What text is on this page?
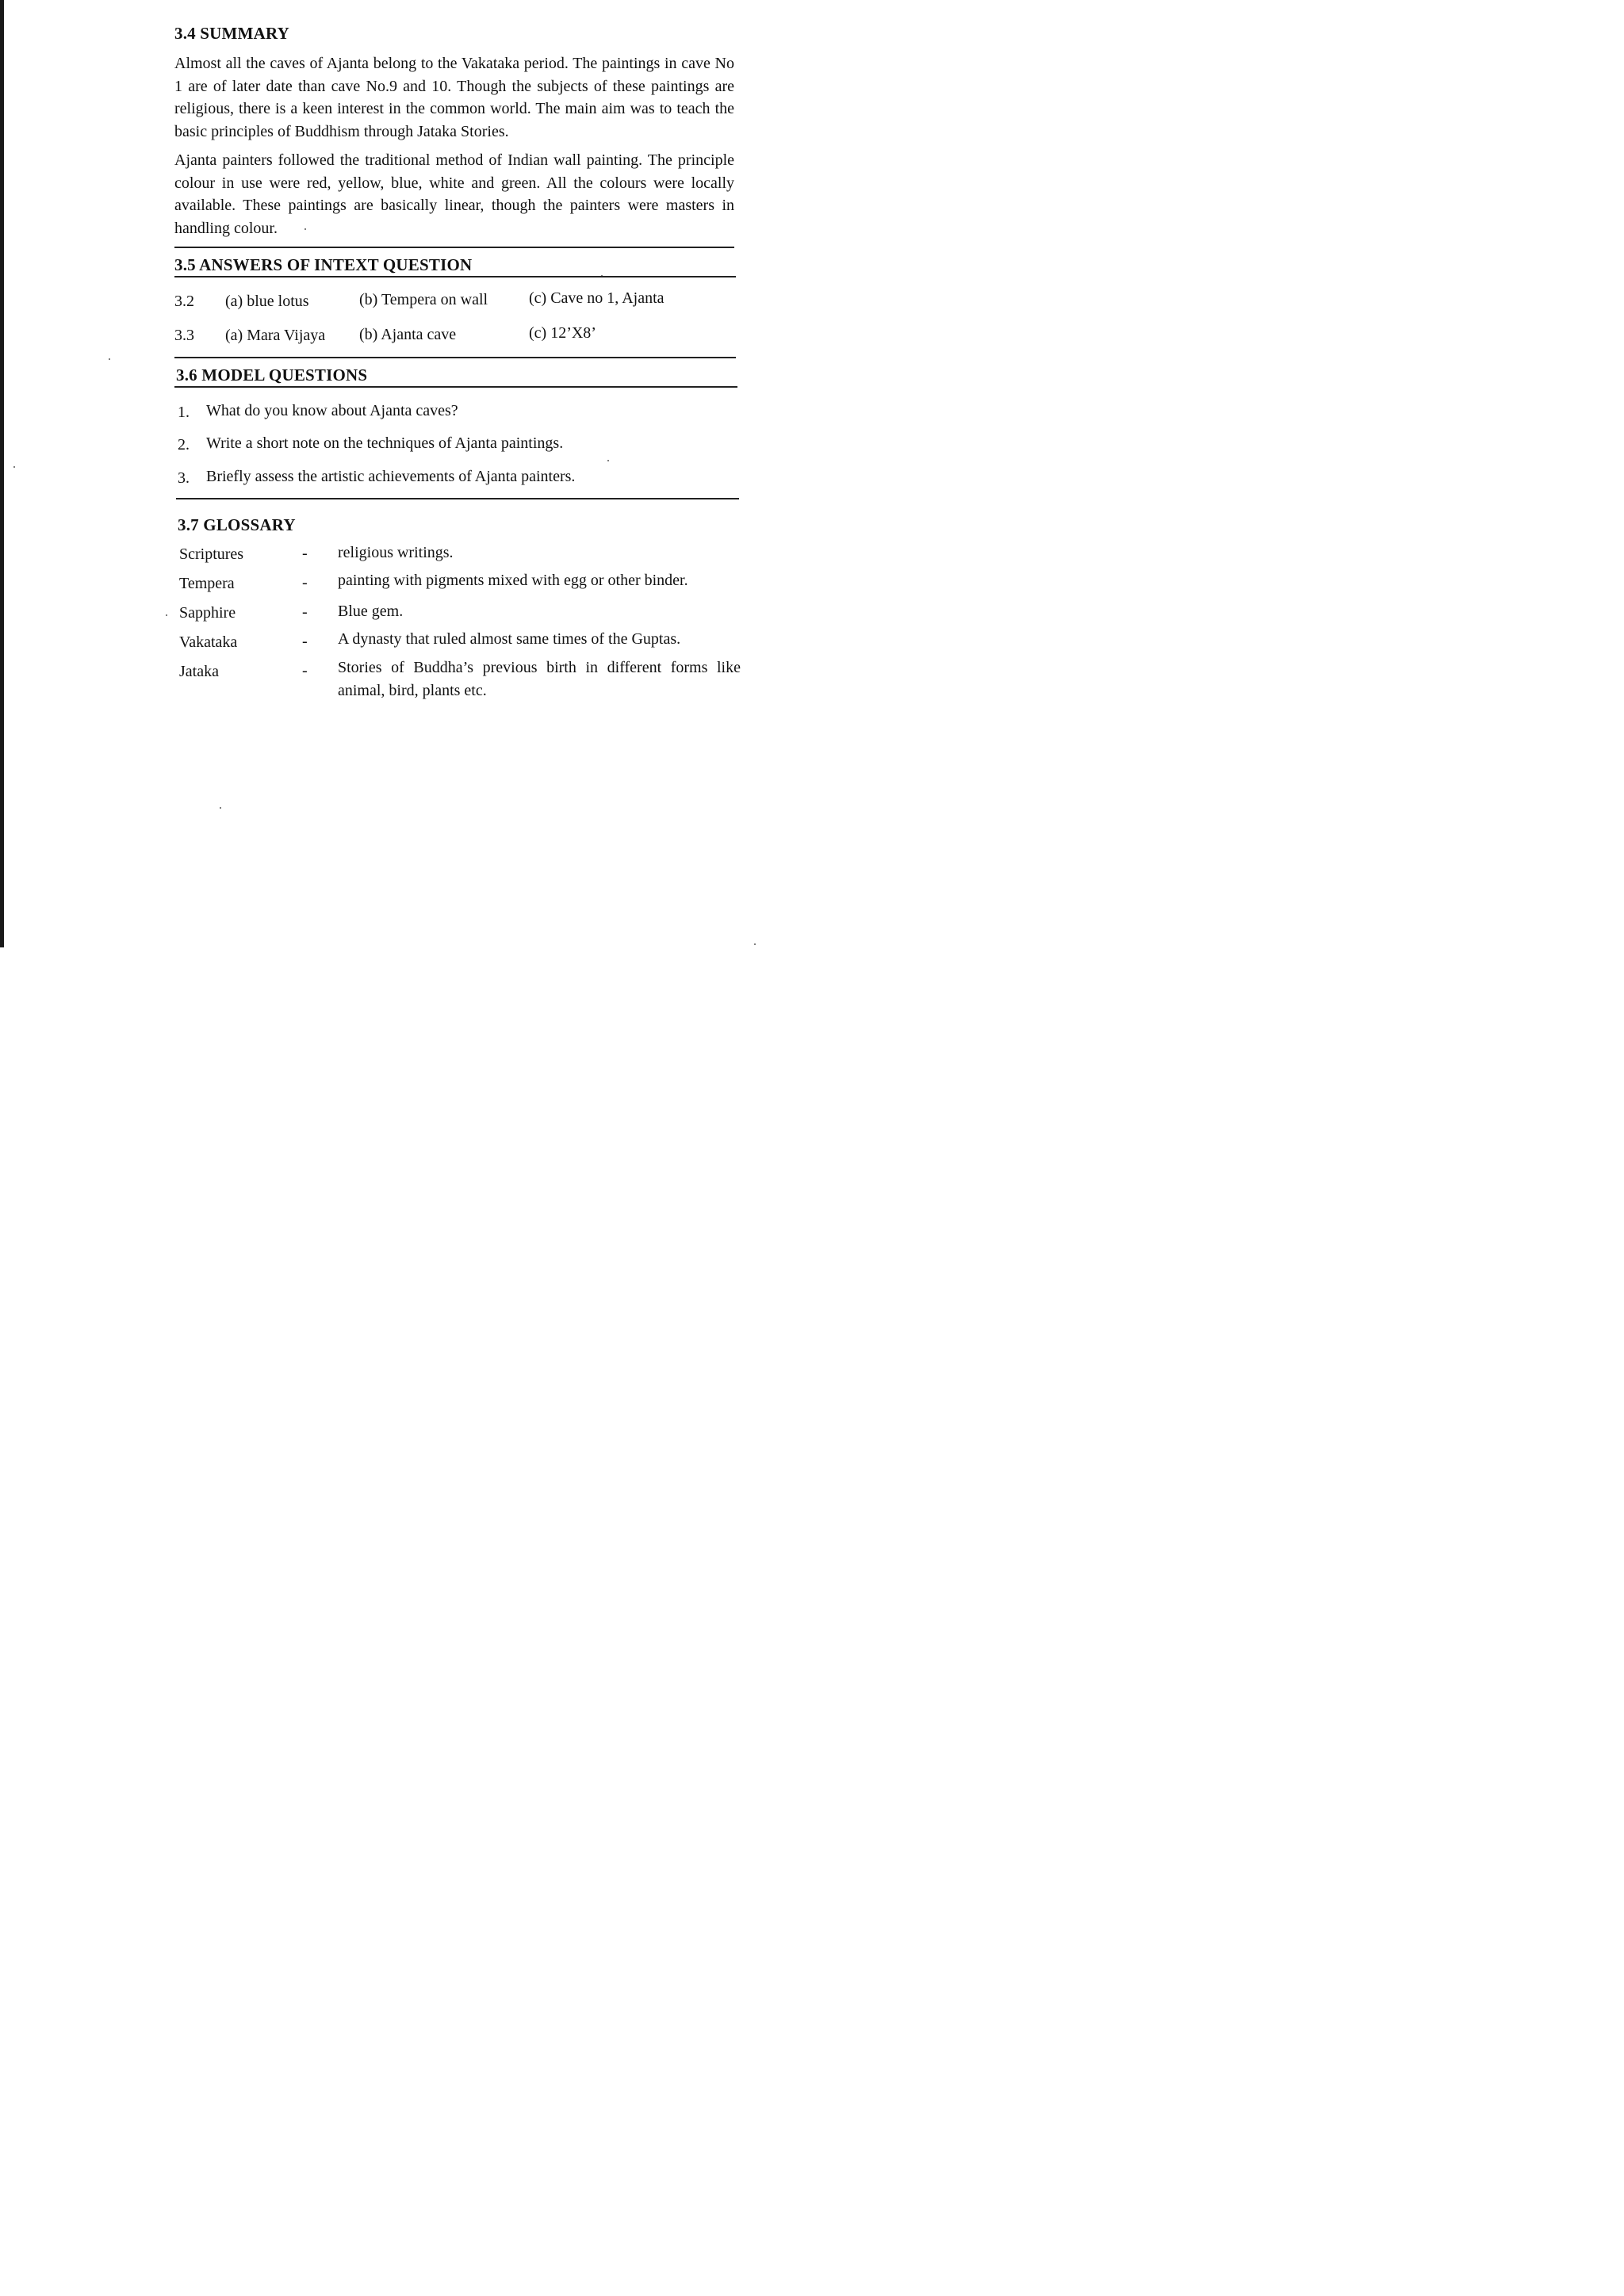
3.4 SUMMARY
Almost all the caves of Ajanta belong to the Vakataka period. The paintings in cave No 1 are of later date than cave No.9 and 10. Though the subjects of these paintings are religious, there is a keen interest in the common world. The main aim was to teach the basic principles of Buddhism through Jataka Stories.
Ajanta painters followed the traditional method of Indian wall painting. The principle colour in use were red, yellow, blue, white and green. All the colours were locally available. These paintings are basically linear, though the painters were masters in handling colour.
3.5 ANSWERS OF INTEXT QUESTION
3.2 (a) blue lotus	(b) Tempera on wall	(c) Cave no 1, Ajanta
3.3 (a) Mara Vijaya (b) Ajanta cave	(c) 12’X8’
3.6 MODEL QUESTIONS
1. What do you know about Ajanta caves?
2. Write a short note on the techniques of Ajanta paintings.
3. Briefly assess the artistic achievements of Ajanta painters.
3.7 GLOSSARY
Scriptures	- religious writings.
Tempera	- painting with pigments mixed with egg or other binder.
Sapphire	- Blue gem.
Vakataka	- A dynasty that ruled almost same times of the Guptas.
Jataka	- Stories of Buddha’s previous birth in different forms like animal, bird, plants etc.
